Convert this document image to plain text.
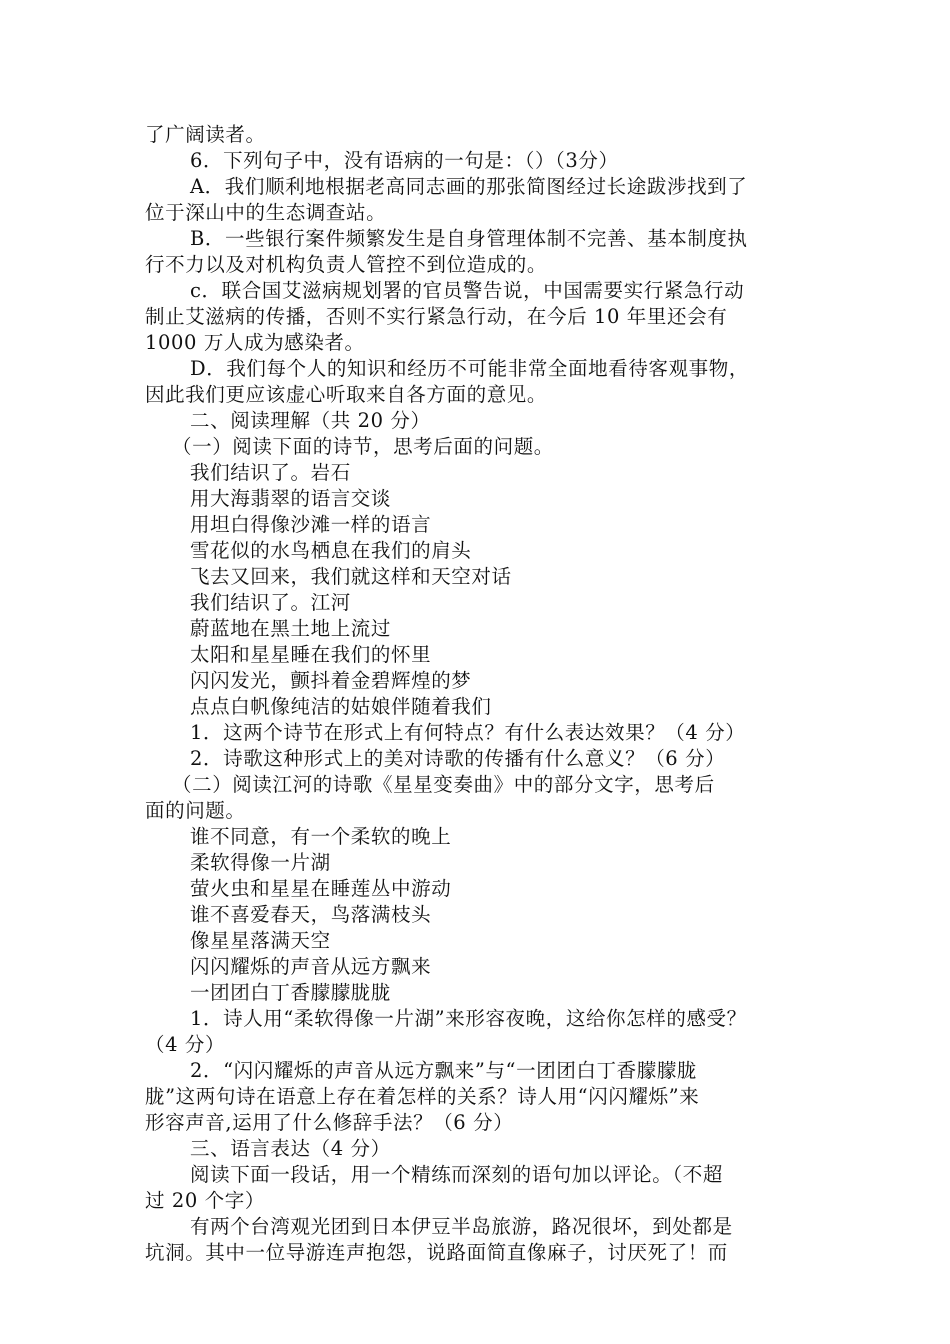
了广阔读者。
6．下列句子中，没有语病的一句是：（）（3分）
A．我们顺利地根据老高同志画的那张简图经过长途跋涉找到了
位于深山中的生态调查站。
B．一些银行案件频繁发生是自身管理体制不完善、基本制度执
行不力以及对机构负责人管控不到位造成的。
c．联合国艾滋病规划署的官员警告说，中国需要实行紧急行动
制止艾滋病的传播，否则不实行紧急行动，在今后 10 年里还会有
1000 万人成为感染者。
D．我们每个人的知识和经历不可能非常全面地看待客观事物，
因此我们更应该虚心听取来自各方面的意见。
二、阅读理解（共 20 分）
（一）阅读下面的诗节，思考后面的问题。
我们结识了。岩石
用大海翡翠的语言交谈
用坦白得像沙滩一样的语言
雪花似的水鸟栖息在我们的肩头
飞去又回来，我们就这样和天空对话
我们结识了。江河
蔚蓝地在黑土地上流过
太阳和星星睡在我们的怀里
闪闪发光，颤抖着金碧辉煌的梦
点点白帆像纯洁的姑娘伴随着我们
1．这两个诗节在形式上有何特点？有什么表达效果？（4 分）
2．诗歌这种形式上的美对诗歌的传播有什么意义？（6 分）
（二）阅读江河的诗歌《星星变奏曲》中的部分文字，思考后
面的问题。
谁不同意，有一个柔软的晚上
柔软得像一片湖
萤火虫和星星在睡莲丛中游动
谁不喜爱春天，鸟落满枝头
像星星落满天空
闪闪耀烁的声音从远方飘来
一团团白丁香朦朦胧胧
1．诗人用“柔软得像一片湖”来形容夜晚，这给你怎样的感受？
（4 分）
2．“闪闪耀烁的声音从远方飘来”与“一团团白丁香朦朦胧
胧”这两句诗在语意上存在着怎样的关系？诗人用“闪闪耀烁”来
形容声音,运用了什么修辞手法？（6 分）
三、语言表达（4 分）
阅读下面一段话，用一个精练而深刻的语句加以评论。（不超
过 20 个字）
有两个台湾观光团到日本伊豆半岛旅游，路况很坏，到处都是
坑洞。其中一位导游连声抱怨，说路面简直像麻子，讨厌死了！而
